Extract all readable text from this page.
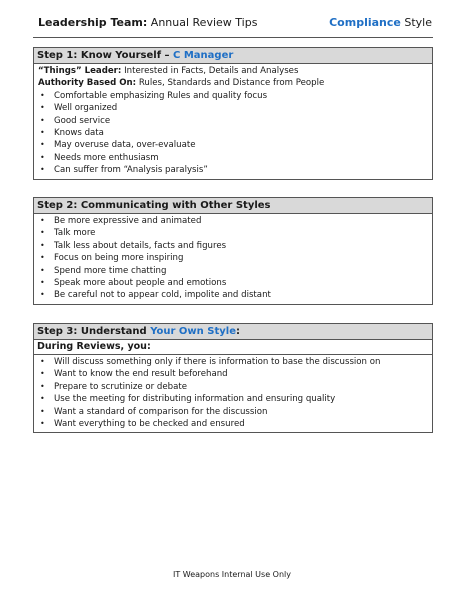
Leadership Team: Annual Review Tips	Compliance Style
Step 1: Know Yourself – C Manager
“Things” Leader: Interested in Facts, Details and Analyses
Authority Based On: Rules, Standards and Distance from People
• Comfortable emphasizing Rules and quality focus
• Well organized
• Good service
• Knows data
• May overuse data, over-evaluate
• Needs more enthusiasm
• Can suffer from “Analysis paralysis”
Step 2: Communicating with Other Styles
• Be more expressive and animated
• Talk more
• Talk less about details, facts and figures
• Focus on being more inspiring
• Spend more time chatting
• Speak more about people and emotions
• Be careful not to appear cold, impolite and distant
Step 3: Understand Your Own Style:
During Reviews, you:
• Will discuss something only if there is information to base the discussion on
• Want to know the end result beforehand
• Prepare to scrutinize or debate
• Use the meeting for distributing information and ensuring quality
• Want a standard of comparison for the discussion
• Want everything to be checked and ensured
IT Weapons Internal Use Only
